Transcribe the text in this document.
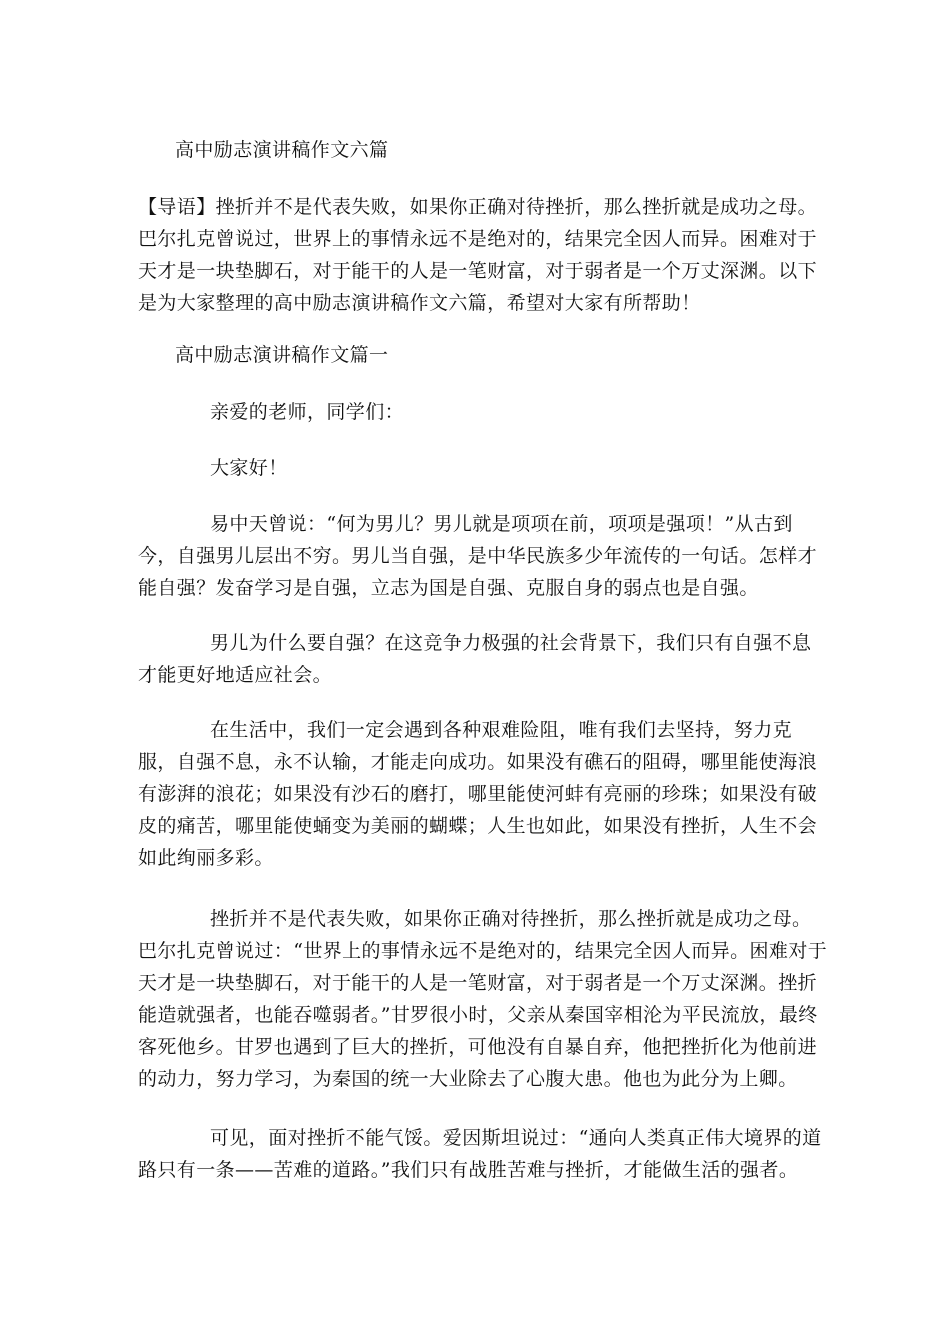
高中励志演讲稿作文六篇

【导语】挫折并不是代表失败，如果你正确对待挫折，那么挫折就是成功之母。巴尔扎克曾说过，世界上的事情永远不是绝对的，结果完全因人而异。困难对于天才是一块垫脚石，对于能干的人是一笔财富，对于弱者是一个万丈深渊。以下是为大家整理的高中励志演讲稿作文六篇，希望对大家有所帮助！

高中励志演讲稿作文篇一

亲爱的老师，同学们：

大家好！

易中天曾说：“何为男儿？男儿就是项项在前，项项是强项！”从古到今，自强男儿层出不穷。男儿当自强，是中华民族多少年流传的一句话。怎样才能自强？发奋学习是自强，立志为国是自强、克服自身的弱点也是自强。

男儿为什么要自强？在这竞争力极强的社会背景下，我们只有自强不息才能更好地适应社会。

在生活中，我们一定会遇到各种艰难险阻，唯有我们去坚持，努力克服，自强不息，永不认输，才能走向成功。如果没有礁石的阻碍，哪里能使海浪有澎湃的浪花；如果没有沙石的磨打，哪里能使河蚌有亮丽的珍珠；如果没有破皮的痛苦，哪里能使蛹变为美丽的蝴蝶；人生也如此，如果没有挫折，人生不会如此绚丽多彩。

挫折并不是代表失败，如果你正确对待挫折，那么挫折就是成功之母。巴尔扎克曾说过：“世界上的事情永远不是绝对的，结果完全因人而异。困难对于天才是一块垫脚石，对于能干的人是一笔财富，对于弱者是一个万丈深渊。挫折能造就强者，也能吞噬弱者。”甘罗很小时，父亲从秦国宰相沦为平民流放，最终客死他乡。甘罗也遇到了巨大的挫折，可他没有自暴自弃，他把挫折化为他前进的动力，努力学习，为秦国的统一大业除去了心腹大患。他也为此分为上卿。

可见，面对挫折不能气馁。爱因斯坦说过：“通向人类真正伟大境界的道路只有一条——苦难的道路。”我们只有战胜苦难与挫折，才能做生活的强者。
